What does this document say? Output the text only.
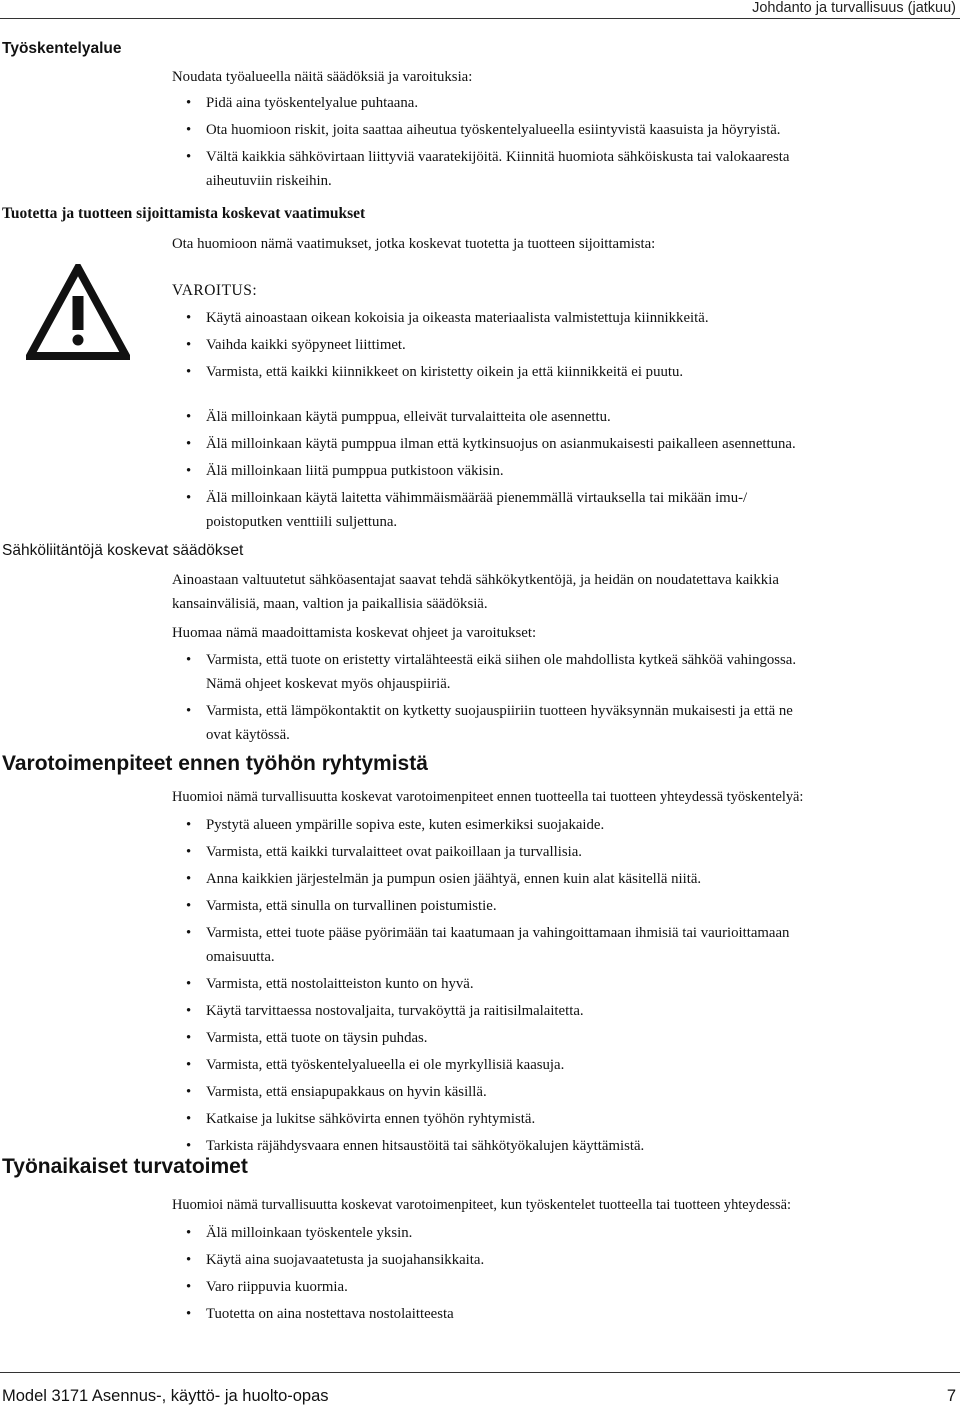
Johdanto ja turvallisuus (jatkuu)
Työskentelyalue
Noudata työalueella näitä säädöksiä ja varoituksia:
• Pidä aina työskentelyalue puhtaana.
• Ota huomioon riskit, joita saattaa aiheutua työskentelyalueella esiintyvistä kaasuista ja höyryistä.
• Vältä kaikkia sähkövirtaan liittyviä vaaratekijöitä. Kiinnitä huomiota sähköiskusta tai valokaaresta
aiheutuviin riskeihin.
Tuotetta ja tuotteen sijoittamista koskevat vaatimukset
Ota huomioon nämä vaatimukset, jotka koskevat tuotetta ja tuotteen sijoittamista:
VAROITUS:
• Käytä ainoastaan oikean kokoisia ja oikeasta materiaalista valmistettuja kiinnikkeitä.
• Vaihda kaikki syöpyneet liittimet.
• Varmista, että kaikki kiinnikkeet on kiristetty oikein ja että kiinnikkeitä ei puutu.
• Älä milloinkaan käytä pumppua, elleivät turvalaitteita ole asennettu.
• Älä milloinkaan käytä pumppua ilman että kytkinsuojus on asianmukaisesti paikalleen asennettuna.
• Älä milloinkaan liitä pumppua putkistoon väkisin.
• Älä milloinkaan käytä laitetta vähimmäismäärää pienemmällä virtauksella tai mikään imu-/
poistoputken venttiili suljettuna.
Sähköliitäntöjä koskevat säädökset
Ainoastaan valtuutetut sähköasentajat saavat tehdä sähkökytkentöjä, ja heidän on noudatettava kaikkia
kansainvälisiä, maan, valtion ja paikallisia säädöksiä.
Huomaa nämä maadoittamista koskevat ohjeet ja varoitukset:
• Varmista, että tuote on eristetty virtalähteestä eikä siihen ole mahdollista kytkeä sähköä vahingossa.
Nämä ohjeet koskevat myös ohjauspiiriä.
• Varmista, että lämpökontaktit on kytketty suojauspiiriin tuotteen hyväksynnän mukaisesti ja että ne
ovat käytössä.
Varotoimenpiteet ennen työhön ryhtymistä
Huomioi nämä turvallisuutta koskevat varotoimenpiteet ennen tuotteella tai tuotteen yhteydessä työskentelyä:
• Pystytä alueen ympärille sopiva este, kuten esimerkiksi suojakaide.
• Varmista, että kaikki turvalaitteet ovat paikoillaan ja turvallisia.
• Anna kaikkien järjestelmän ja pumpun osien jäähtyä, ennen kuin alat käsitellä niitä.
• Varmista, että sinulla on turvallinen poistumistie.
• Varmista, ettei tuote pääse pyörimään tai kaatumaan ja vahingoittamaan ihmisiä tai vaurioittamaan
omaisuutta.
• Varmista, että nostolaitteiston kunto on hyvä.
• Käytä tarvittaessa nostovaljaita, turvaköyttä ja raitisilmalaitetta.
• Varmista, että tuote on täysin puhdas.
• Varmista, että työskentelyalueella ei ole myrkyllisiä kaasuja.
• Varmista, että ensiapupakkaus on hyvin käsillä.
• Katkaise ja lukitse sähkövirta ennen työhön ryhtymistä.
• Tarkista räjähdysvaara ennen hitsaustöitä tai sähkötyökalujen käyttämistä.
Työnaikaiset turvatoimet
Huomioi nämä turvallisuutta koskevat varotoimenpiteet, kun työskentelet tuotteella tai tuotteen yhteydessä:
• Älä milloinkaan työskentele yksin.
• Käytä aina suojavaatetusta ja suojahansikkaita.
• Varo riippuvia kuormia.
• Tuotetta on aina nostettava nostolaitteesta
Model 3171 Asennus-, käyttö- ja huolto-opas	7
